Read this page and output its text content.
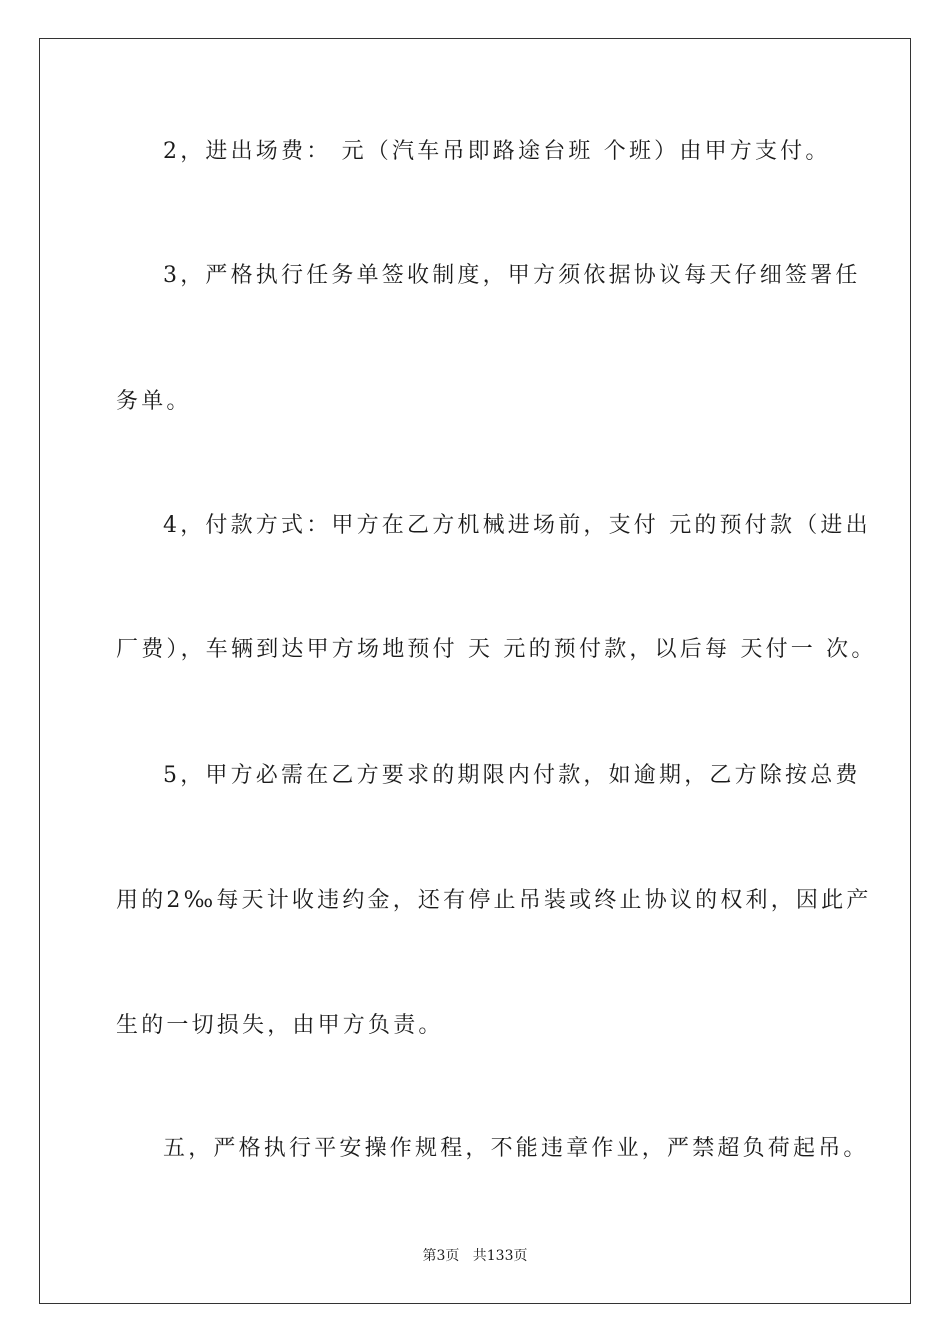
2，进出场费： 元（汽车吊即路途台班 个班）由甲方支付。
3，严格执行任务单签收制度，甲方须依据协议每天仔细签署任
务单。
4，付款方式：甲方在乙方机械进场前，支付 元的预付款（进出
厂费），车辆到达甲方场地预付 天 元的预付款，以后每 天付一 次。
5，甲方必需在乙方要求的期限内付款，如逾期，乙方除按总费
用的2‰每天计收违约金，还有停止吊装或终止协议的权利，因此产
生的一切损失，由甲方负责。
五，严格执行平安操作规程，不能违章作业，严禁超负荷起吊。
第3页   共133页
